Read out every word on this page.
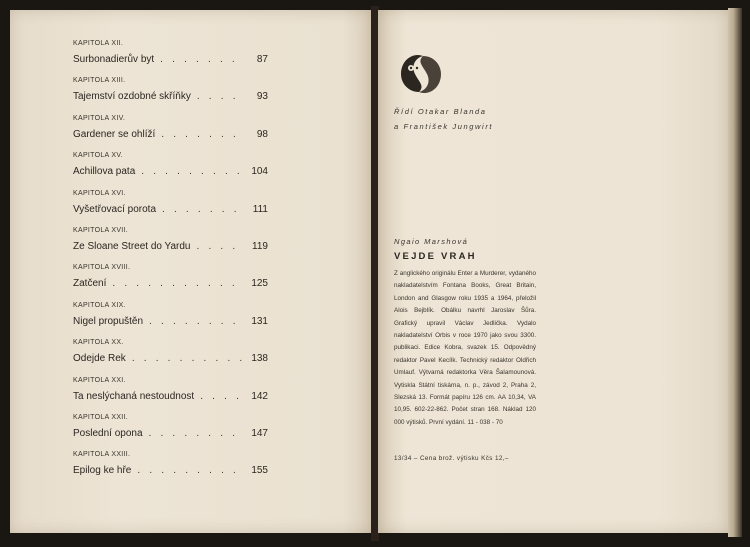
KAPITOLA XII.
Surbonadierův byt . . .	87
KAPITOLA XIII.
Tajemství ozdobné skříňky . . .	93
KAPITOLA XIV.
Gardener se ohlíží . . .	98
KAPITOLA XV.
Achillova pata . . .	104
KAPITOLA XVI.
Vyšetřovací porota . . .	111
KAPITOLA XVII.
Ze Sloane Street do Yardu . . .	119
KAPITOLA XVIII.
Zatčení . . .	125
KAPITOLA XIX.
Nigel propuštěn . . .	131
KAPITOLA XX.
Odejde Rek . . .	138
KAPITOLA XXI.
Ta neslýchaná nestoudnost . . .	142
KAPITOLA XXII.
Poslední opona . . .	147
KAPITOLA XXIII.
Epilog ke hře . . .	155
Řídí Otakar Blanda
a František Jungwirt
Ngaio Marshová
VEJDE VRAH
Z anglického originálu Enter a Murderer, vydaného nakladatelstvím Fontana Books, Great Britain, London and Glasgow roku 1935 a 1964, přeložil Alois Bejblík. Obálku navrhl Jaroslav Šůra. Grafický upravil Václav Jedlička. Vydalo nakladatelství Orbis v roce 1970 jako svou 3300. publikaci. Edice Kobra, svazek 15. Odpovědný redaktor Pavel Kecílk. Technický redaktor Oldřich Umlauf. Výtvarná redaktorka Věra Šalamounová. Vytiskla Státní tiskárna, n. p., závod 2, Praha 2, Slezská 13. Formát papíru 126 cm. AA 10,34, VA 10,95. 602-22-862. Počet stran 168. Náklad 120 000 výtisků. První vydání. 11 - 038 - 70
13/34 – Cena brož. výtisku Kčs 12,–
